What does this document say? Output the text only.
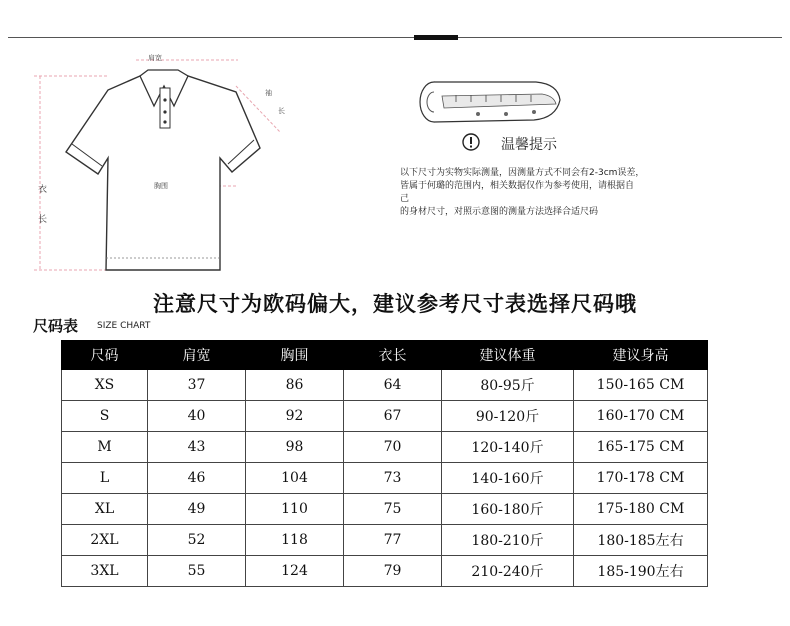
肩宽
袖
长
胸围
衣
长
温馨提示
以下尺寸为实物实际测量，因测量方式不同会有2-3cm误差，
皆属于何璐的范围内，相关数据仅作为参考使用，请根据自
己
的身材尺寸，对照示意图的测量方法选择合适尺码
注意尺寸为欧码偏大，建议参考尺寸表选择尺码哦
尺码表 SIZE CHART
尺码	肩宽	胸围	衣长	建议体重	建议身高
XS	37	86	64	80-95斤	150-165 CM
S	40	92	67	90-120斤	160-170 CM
M	43	98	70	120-140斤	165-175 CM
L	46	104	73	140-160斤	170-178 CM
XL	49	110	75	160-180斤	175-180 CM
2XL	52	118	77	180-210斤	180-185左右
3XL	55	124	79	210-240斤	185-190左右
